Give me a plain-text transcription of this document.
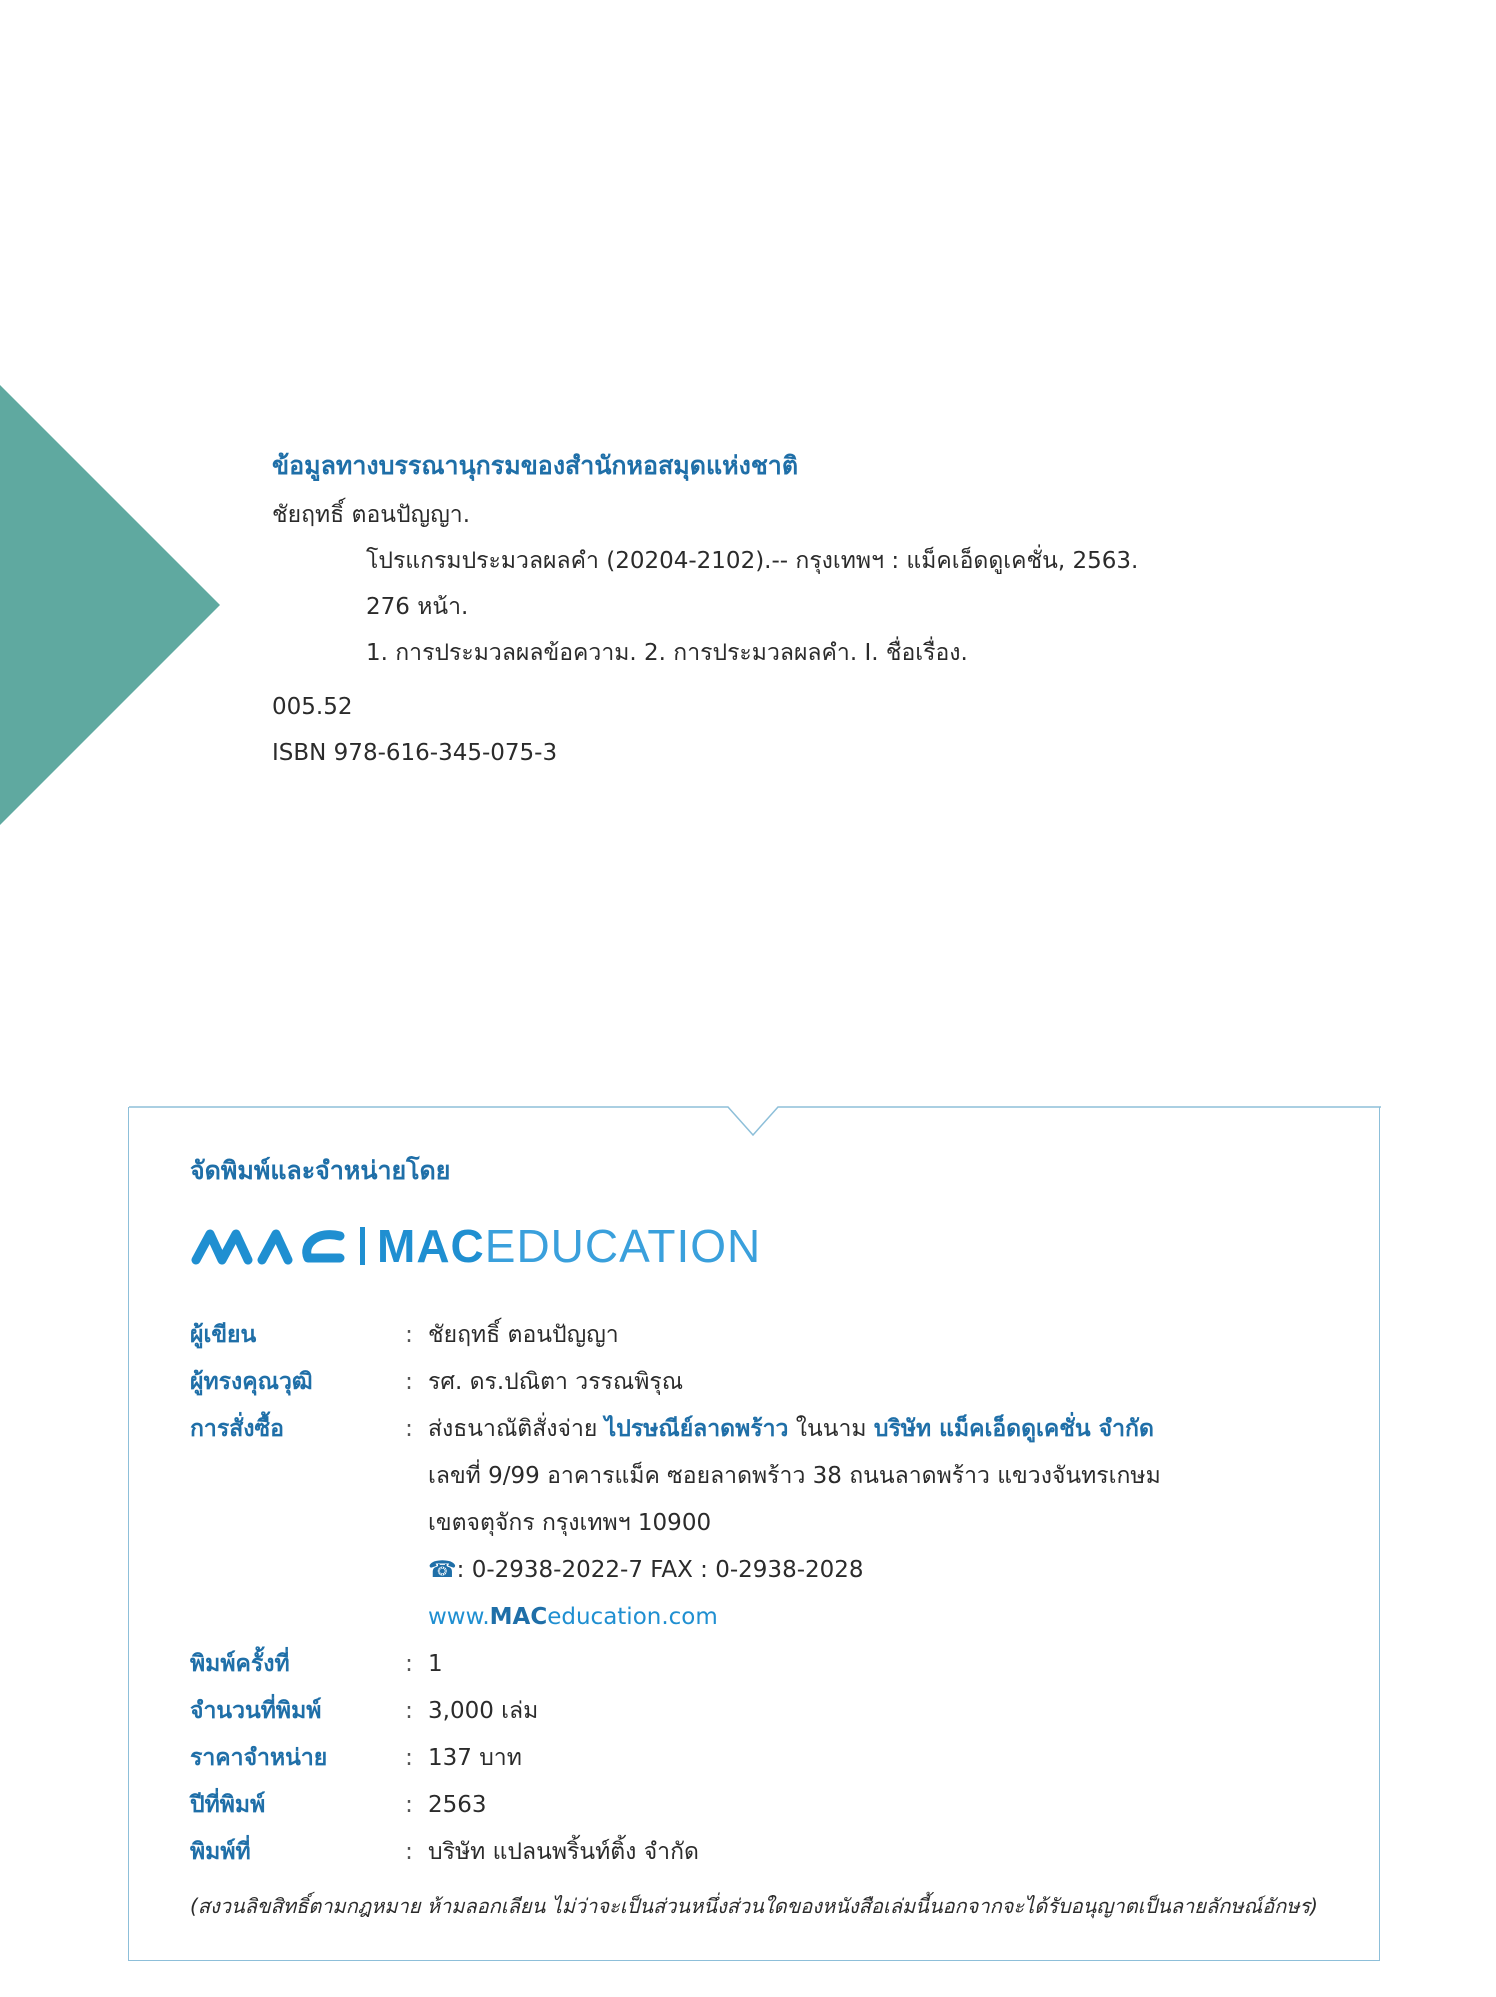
ข้อมูลทางบรรณานุกรมของสำนักหอสมุดแห่งชาติ
ชัยฤทธิ์ ตอนปัญญา.
โปรแกรมประมวลผลคำ (20204-2102).-- กรุงเทพฯ : แม็คเอ็ดดูเคชั่น, 2563.
276 หน้า.
1. การประมวลผลข้อความ. 2. การประมวลผลคำ. I. ชื่อเรื่อง.
005.52
ISBN 978-616-345-075-3
จัดพิมพ์และจำหน่ายโดย
MAC EDUCATION
ผู้เขียน	: ชัยฤทธิ์ ตอนปัญญา
ผู้ทรงคุณวุฒิ	: รศ. ดร.ปณิตา วรรณพิรุณ
การสั่งซื้อ	: ส่งธนาณัติสั่งจ่าย ไปรษณีย์ลาดพร้าว ในนาม บริษัท แม็คเอ็ดดูเคชั่น จำกัด
เลขที่ 9/99 อาคารแม็ค ซอยลาดพร้าว 38 ถนนลาดพร้าว แขวงจันทรเกษม
เขตจตุจักร กรุงเทพฯ 10900
☎ : 0-2938-2022-7 FAX : 0-2938-2028
www. MAC education.com
พิมพ์ครั้งที่	: 1
จำนวนที่พิมพ์	: 3,000 เล่ม
ราคาจำหน่าย	: 137 บาท
ปีที่พิมพ์	: 2563
พิมพ์ที่	: บริษัท แปลนพริ้นท์ติ้ง จำกัด
(สงวนลิขสิทธิ์ตามกฎหมาย ห้ามลอกเลียน ไม่ว่าจะเป็นส่วนหนึ่งส่วนใดของหนังสือเล่มนี้นอกจากจะได้รับอนุญาตเป็นลายลักษณ์อักษร)
